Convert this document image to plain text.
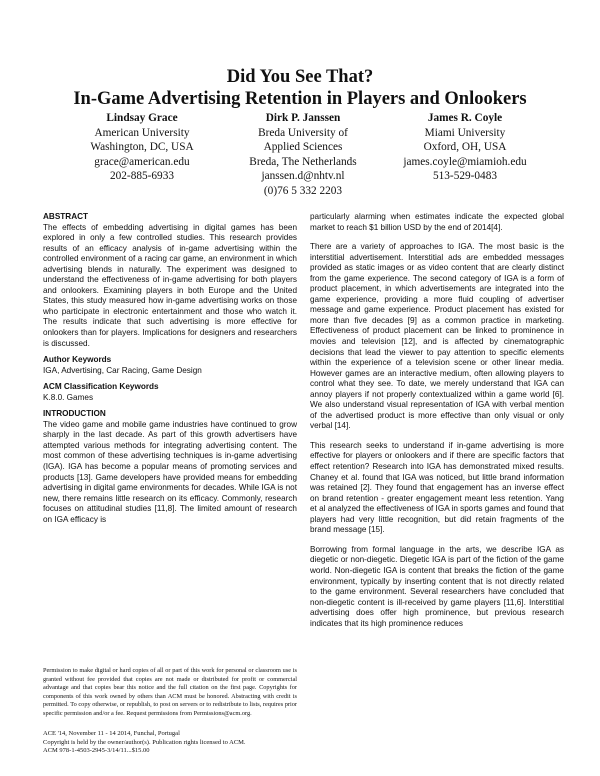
Did You See That?
In-Game Advertising Retention in Players and Onlookers
Lindsay Grace
American University
Washington, DC, USA
grace@american.edu
202-885-6933
Dirk P. Janssen
Breda University of
Applied Sciences
Breda, The Netherlands
janssen.d@nhtv.nl
(0)76 5 332 2203
James R. Coyle
Miami University
Oxford, OH, USA
james.coyle@miamioh.edu
513-529-0483
ABSTRACT

The effects of embedding advertising in digital games has been explored in only a few controlled studies. This research provides results of an efficacy analysis of in-game advertising within the controlled environment of a racing car game, an environment in which advertising blends in naturally. The experiment was designed to understand the effectiveness of in-game advertising for both players and onlookers. Examining players in both Europe and the United States, this study measured how in-game advertising works on those who participate in electronic entertainment and those who watch it. The results indicate that such advertising is more effective for onlookers than for players. Implications for designers and researchers is discussed.

Author Keywords

IGA, Advertising, Car Racing, Game Design

ACM Classification Keywords

K.8.0. Games

INTRODUCTION

The video game and mobile game industries have continued to grow sharply in the last decade. As part of this growth advertisers have attempted various methods for integrating advertising content. The most common of these advertising techniques is in-game advertising (IGA). IGA has become a popular means of promoting services and products [13]. Game developers have provided means for embedding advertising in digital game environments for decades. While IGA is not new, there remains little research on its efficacy. Commonly, research focuses on attitudinal studies [11,8]. The limited amount of research on IGA efficacy is

Permission to make digital or hard copies of all or part of this work for personal or classroom use is granted without fee provided that copies are not made or distributed for profit or commercial advantage and that copies bear this notice and the full citation on the first page. Copyrights for components of this work owned by others than ACM must be honored. Abstracting with credit is permitted. To copy otherwise, or republish, to post on servers or to redistribute to lists, requires prior specific permission and/or a fee. Request permissions from Permissions@acm.org.
ACE '14, November 11 - 14 2014, Funchal, Portugal
Copyright is held by the owner/author(s). Publication rights licensed to ACM.
ACM 978-1-4503-2945-3/14/11...$15.00

particularly alarming when estimates indicate the expected global market to reach $1 billion USD by the end of 2014[4].

There are a variety of approaches to IGA. The most basic is the interstitial advertisement. Interstitial ads are embedded messages provided as static images or as video content that are clearly distinct from the game experience. The second category of IGA is a form of product placement, in which advertisements are integrated into the game experience, providing a more fluid coupling of advertiser message and game experience. Product placement has existed for more than five decades [9] as a common practice in marketing. Effectiveness of product placement can be linked to prominence in movies and television [12], and is affected by cinematographic decisions that lead the viewer to pay attention to specific elements within the experience of a television scene or other linear media. However games are an interactive medium, often allowing players to control what they see. To date, we merely understand that IGA can annoy players if not properly contextualized within a game world [6]. We also understand visual representation of IGA with verbal mention of the advertised product is more effective than only visual or only verbal [14].

This research seeks to understand if in-game advertising is more effective for players or onlookers and if there are specific factors that effect retention? Research into IGA has demonstrated mixed results. Chaney et al. found that IGA was noticed, but little brand information was retained [2]. They found that engagement has an inverse effect on brand retention - greater engagement meant less retention. Yang et al analyzed the effectiveness of IGA in sports games and found that players had very little recognition, but did retain fragments of the brand message [15].

Borrowing from formal language in the arts, we describe IGA as diegetic or non-diegetic. Diegetic IGA is part of the fiction of the game world. Non-diegetic IGA is content that breaks the fiction of the game environment, typically by inserting content that is not directly related to the game environment. Several researchers have concluded that non-diegetic content is ill-received by game players [11,6]. Interstitial advertising does offer high prominence, but previous research indicates that its high prominence reduces
